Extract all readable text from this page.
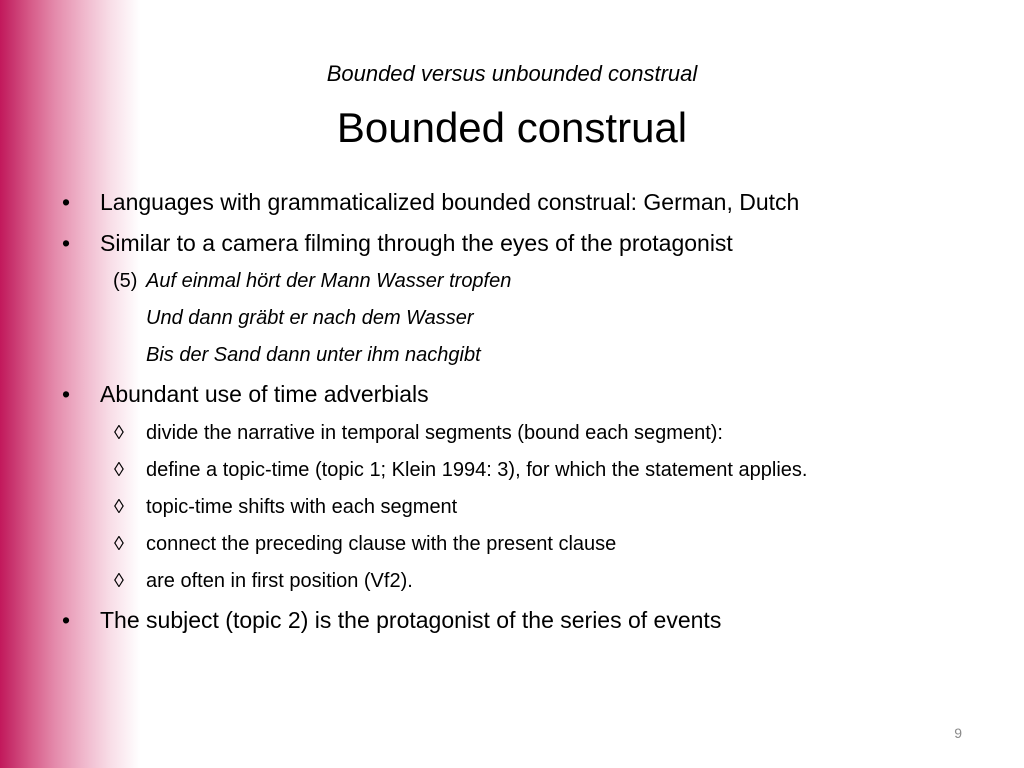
Bounded versus unbounded construal
Bounded construal
• Languages with grammaticalized bounded construal: German, Dutch
• Similar to a camera filming through the eyes of the protagonist
(5) Auf einmal hört der Mann Wasser tropfen
Und dann gräbt er nach dem Wasser
Bis der Sand dann unter ihm nachgibt
• Abundant use of time adverbials
◊ divide the narrative in temporal segments (bound each segment):
◊ define a topic-time (topic 1; Klein 1994: 3), for which the statement applies.
◊ topic-time shifts with each segment
◊ connect the preceding clause with the present clause
◊ are often in first position (Vf2).
• The subject (topic 2) is the protagonist of the series of events
9
